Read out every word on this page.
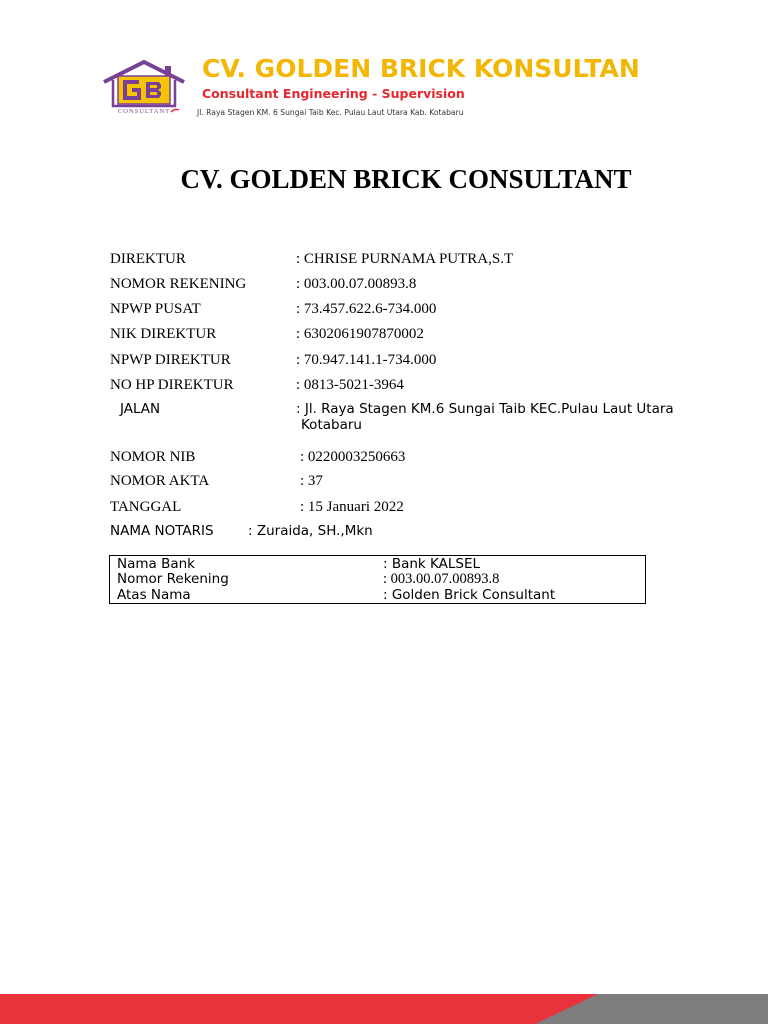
CONSULTANT
CV. GOLDEN BRICK KONSULTAN
Consultant Engineering - Supervision
Jl. Raya Stagen KM. 6 Sungai Taib Kec. Pulau Laut Utara Kab. Kotabaru
CV. GOLDEN BRICK CONSULTANT
DIREKTUR	: CHRISE PURNAMA PUTRA,S.T
NOMOR REKENING	: 003.00.07.00893.8
NPWP PUSAT	: 73.457.622.6-734.000
NIK DIREKTUR	: 6302061907870002
NPWP DIREKTUR	: 70.947.141.1-734.000
NO HP DIREKTUR	: 0813-5021-3964
JALAN	: Jl. Raya Stagen KM.6 Sungai Taib KEC.Pulau Laut Utara
Kotabaru
NOMOR NIB	: 0220003250663
NOMOR AKTA	: 37
TANGGAL	: 15 Januari 2022
NAMA NOTARIS	: Zuraida, SH.,Mkn
Nama Bank	: Bank KALSEL
Nomor Rekening	: 003.00.07.00893.8
Atas Nama	: Golden Brick Consultant
